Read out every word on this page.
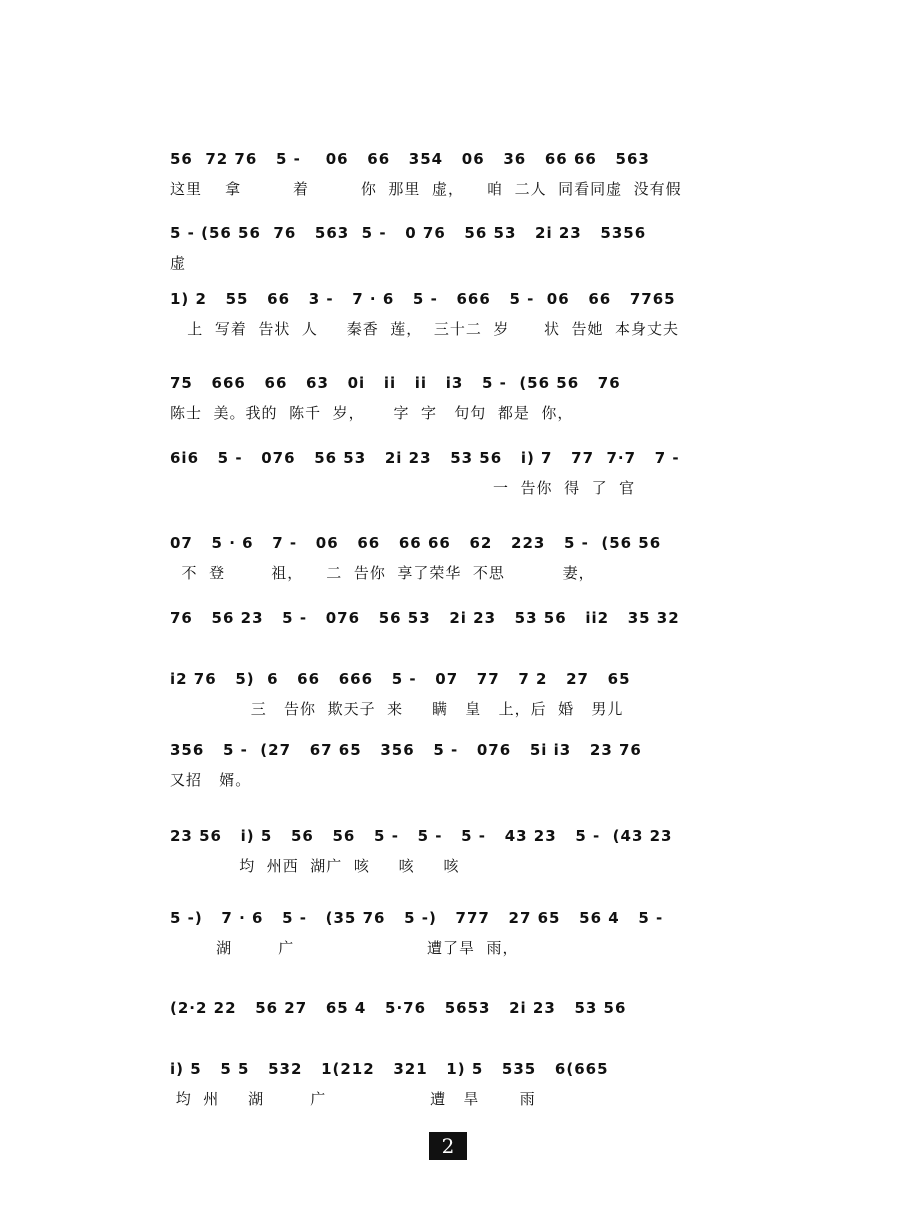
56  72 76   5 -    06   66   354   06   36   66 66   563
这里    拿         着         你  那里  虚，    咱  二人  同看同虚  没有假
5 - (56 56  76   563  5 -   0 76   56 53   2i 23   5356
虚
1) 2   55   66   3 -   7 · 6   5 -   666   5 -  06   66   7765
上  写着  告状  人     秦香  莲，  三十二  岁      状  告她  本身丈夫
75   666   66   63   0i   ii   ii   i3   5 -  (56 56   76
陈士  美。我的  陈千  岁，     字  字   句句  都是  你，
6i6   5 -   076   56 53   2i 23   53 56   i) 7   77  7·7   7 -
一  告你  得  了  官
07   5 · 6   7 -   06   66   66 66   62   223   5 -  (56 56
不  登        祖，    二  告你  享了荣华  不思          妻，
76   56 23   5 -   076   56 53   2i 23   53 56   ii2   35 32
i2 76   5)  6   66   666   5 -   07   77   7 2   27   65
三   告你  欺天子  来     瞒   皇   上，后  婚   男儿
356   5 -  (27   67 65   356   5 -   076   5i i3   23 76
又招   婿。
23 56   i) 5   56   56   5 -   5 -   5 -   43 23   5 -  (43 23
均  州西  湖广  咳     咳     咳
5 -)   7 · 6   5 -   (35 76   5 -)   777   27 65   56 4   5 -
湖        广                       遭了旱  雨，
(2·2 22   56 27   65 4   5·76   5653   2i 23   53 56
i) 5   5 5   532   1(212   321   1) 5   535   6(665
均  州     湖        广                  遭   旱       雨
2
